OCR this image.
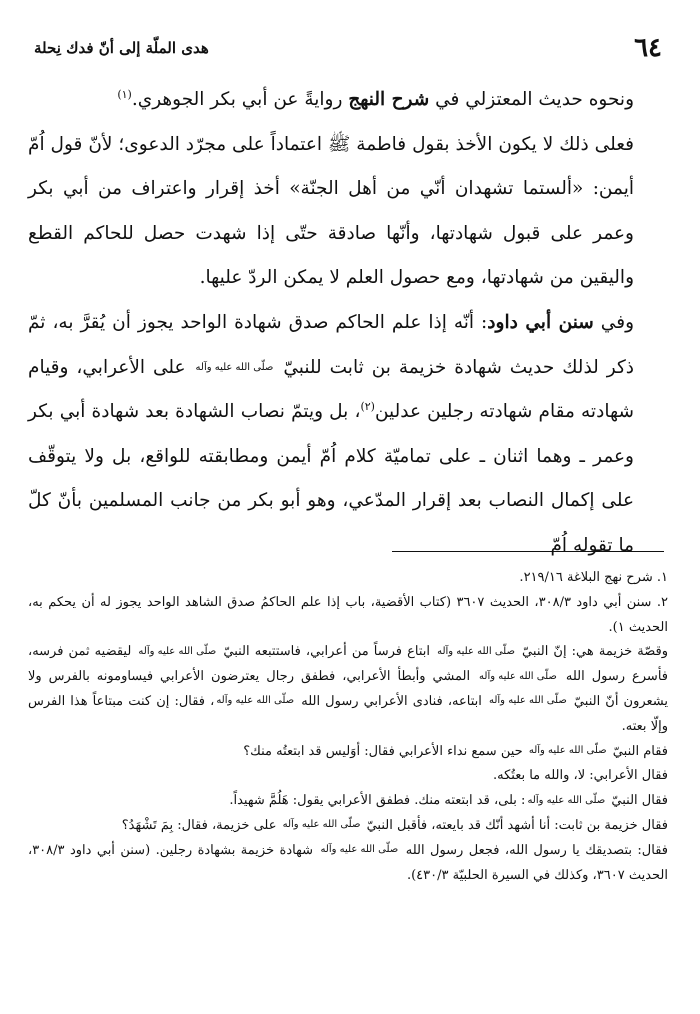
٦٤
هدى الملّة إلى أنّ فدك نِحلة

ونحوه حديث المعتزلي في شرح النهج روايةً عن أبي بكر الجوهري.$^{(١)}$

فعلى ذلك لا يكون الأخذ بقول فاطمة ﷺ اعتماداً على مجرّد الدعوى؛ لأنّ قول اُمّ أيمن: «ألستما تشهدان أنّي من أهل الجنّة» أخذ إقرار واعتراف من أبي بكر وعمر على قبول شهادتها، وأنّها صادقة حتّى إذا شهدت حصل للحاكم القطع واليقين من شهادتها، ومع حصول العلم لا يمكن الردّ عليها.

وفي سنن أبي داود: أنّه إذا علم الحاكم صدق شهادة الواحد يجوز أن يُقرَّ به، ثمّ ذكر لذلك حديث شهادة خزيمة بن ثابت للنبيّ صلّى الله عليه وآله على الأعرابي، وقيام شهادته مقام شهادته رجلين عدلين$^{(٢)}$، بل ويتمّ نصاب الشهادة بعد شهادة أبي بكر وعمر ـ وهما اثنان ـ على تماميّة كلام اُمّ أيمن ومطابقته للواقع، بل ولا يتوقّف على إكمال النصاب بعد إقرار المدّعي، وهو أبو بكر من جانب المسلمين بأنّ كلّ ما تقوله اُمّ

١. شرح نهج البلاغة ٢١٩/١٦.

٢. سنن أبي داود ٣٠٨/٣، الحديث ٣٦٠٧ (كتاب الأقضية، باب إذا علم الحاكمُ صدق الشاهد الواحد يجوز له أن يحكم به، الحديث ١).

وقصّة خزيمة هي: إنّ النبيّ صلّى الله عليه وآله ابتاع فرساً من أعرابي، فاستتبعه النبيّ صلّى الله عليه وآله ليقضيه ثمن فرسه، فأسرع رسول الله صلّى الله عليه وآله المشي وأبطأ الأعرابي، فطفق رجال يعترضون الأعرابي فيساومونه بالفرس ولا يشعرون أنّ النبيّ صلّى الله عليه وآله ابتاعه، فنادى الأعرابي رسول الله صلّى الله عليه وآله، فقال: إن كنت مبتاعاً هذا الفرس وإلّا بعته.

فقام النبيّ صلّى الله عليه وآله حين سمع نداء الأعرابي فقال: أوَليس قد ابتعتُه منك؟

فقال الأعرابي: لا، والله ما بعتُكه.

فقال النبيّ صلّى الله عليه وآله: بلى، قد ابتعته منك. فطفق الأعرابي يقول: هَلُمَّ شهيداً.

فقال خزيمة بن ثابت: أنا أشهد أنّك قد بايعته، فأقبل النبيّ صلّى الله عليه وآله على خزيمة، فقال: بِمَ تَشْهَدُ؟

فقال: بتصديقك يا رسول الله، فجعل رسول الله صلّى الله عليه وآله شهادة خزيمة بشهادة رجلين. (سنن أبي داود ٣٠٨/٣، الحديث ٣٦٠٧، وكذلك في السيرة الحلبيّة ٤٣٠/٣).
